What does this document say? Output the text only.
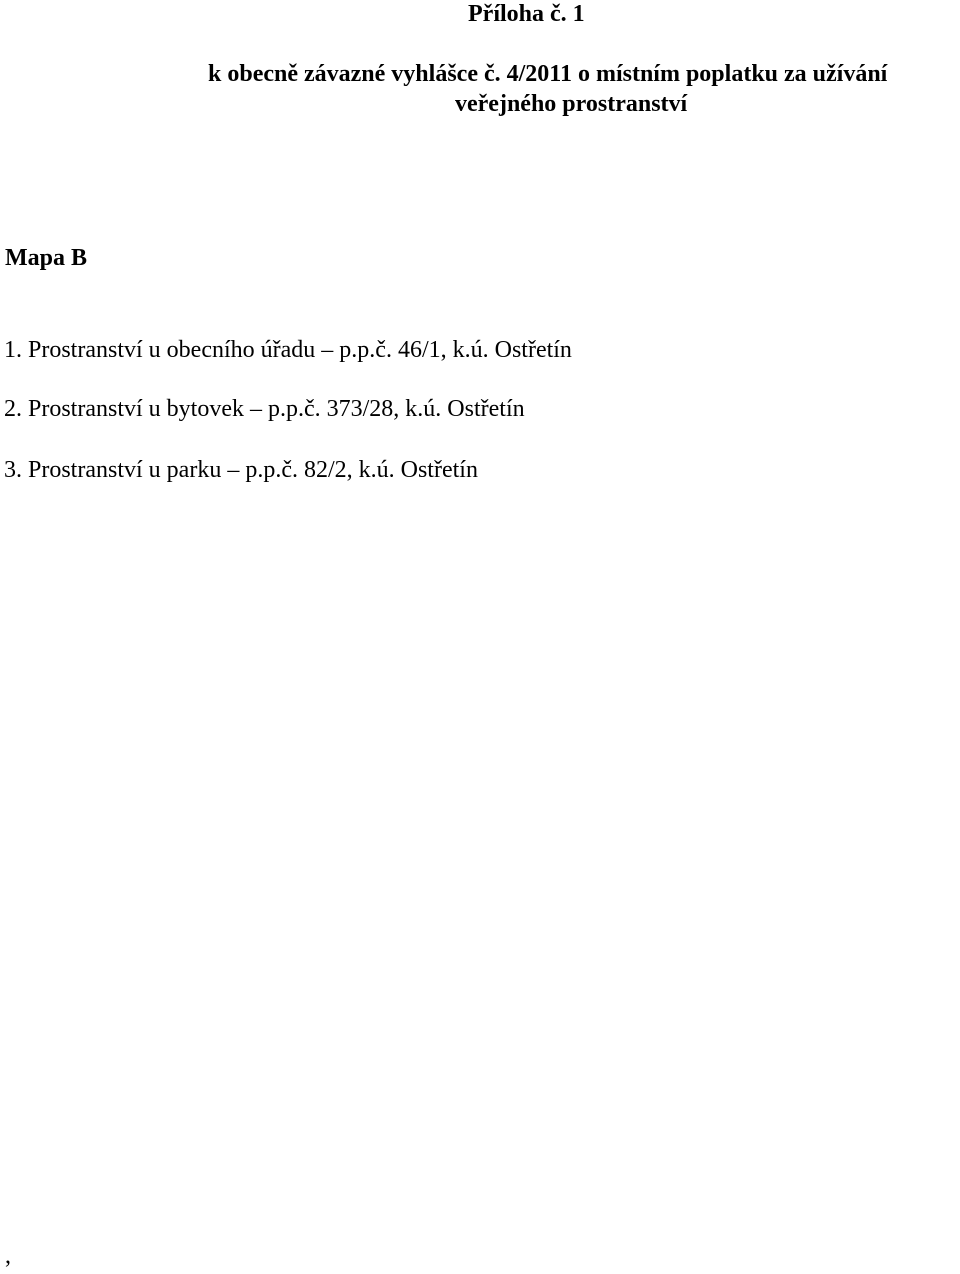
Příloha č. 1
k obecně závazné vyhlášce č. 4/2011 o místním poplatku za užívání
veřejného prostranství
Mapa B
1. Prostranství u obecního úřadu – p.p.č. 46/1, k.ú. Ostřetín
2. Prostranství u bytovek – p.p.č. 373/28, k.ú. Ostřetín
3. Prostranství u parku – p.p.č. 82/2, k.ú. Ostřetín
,
